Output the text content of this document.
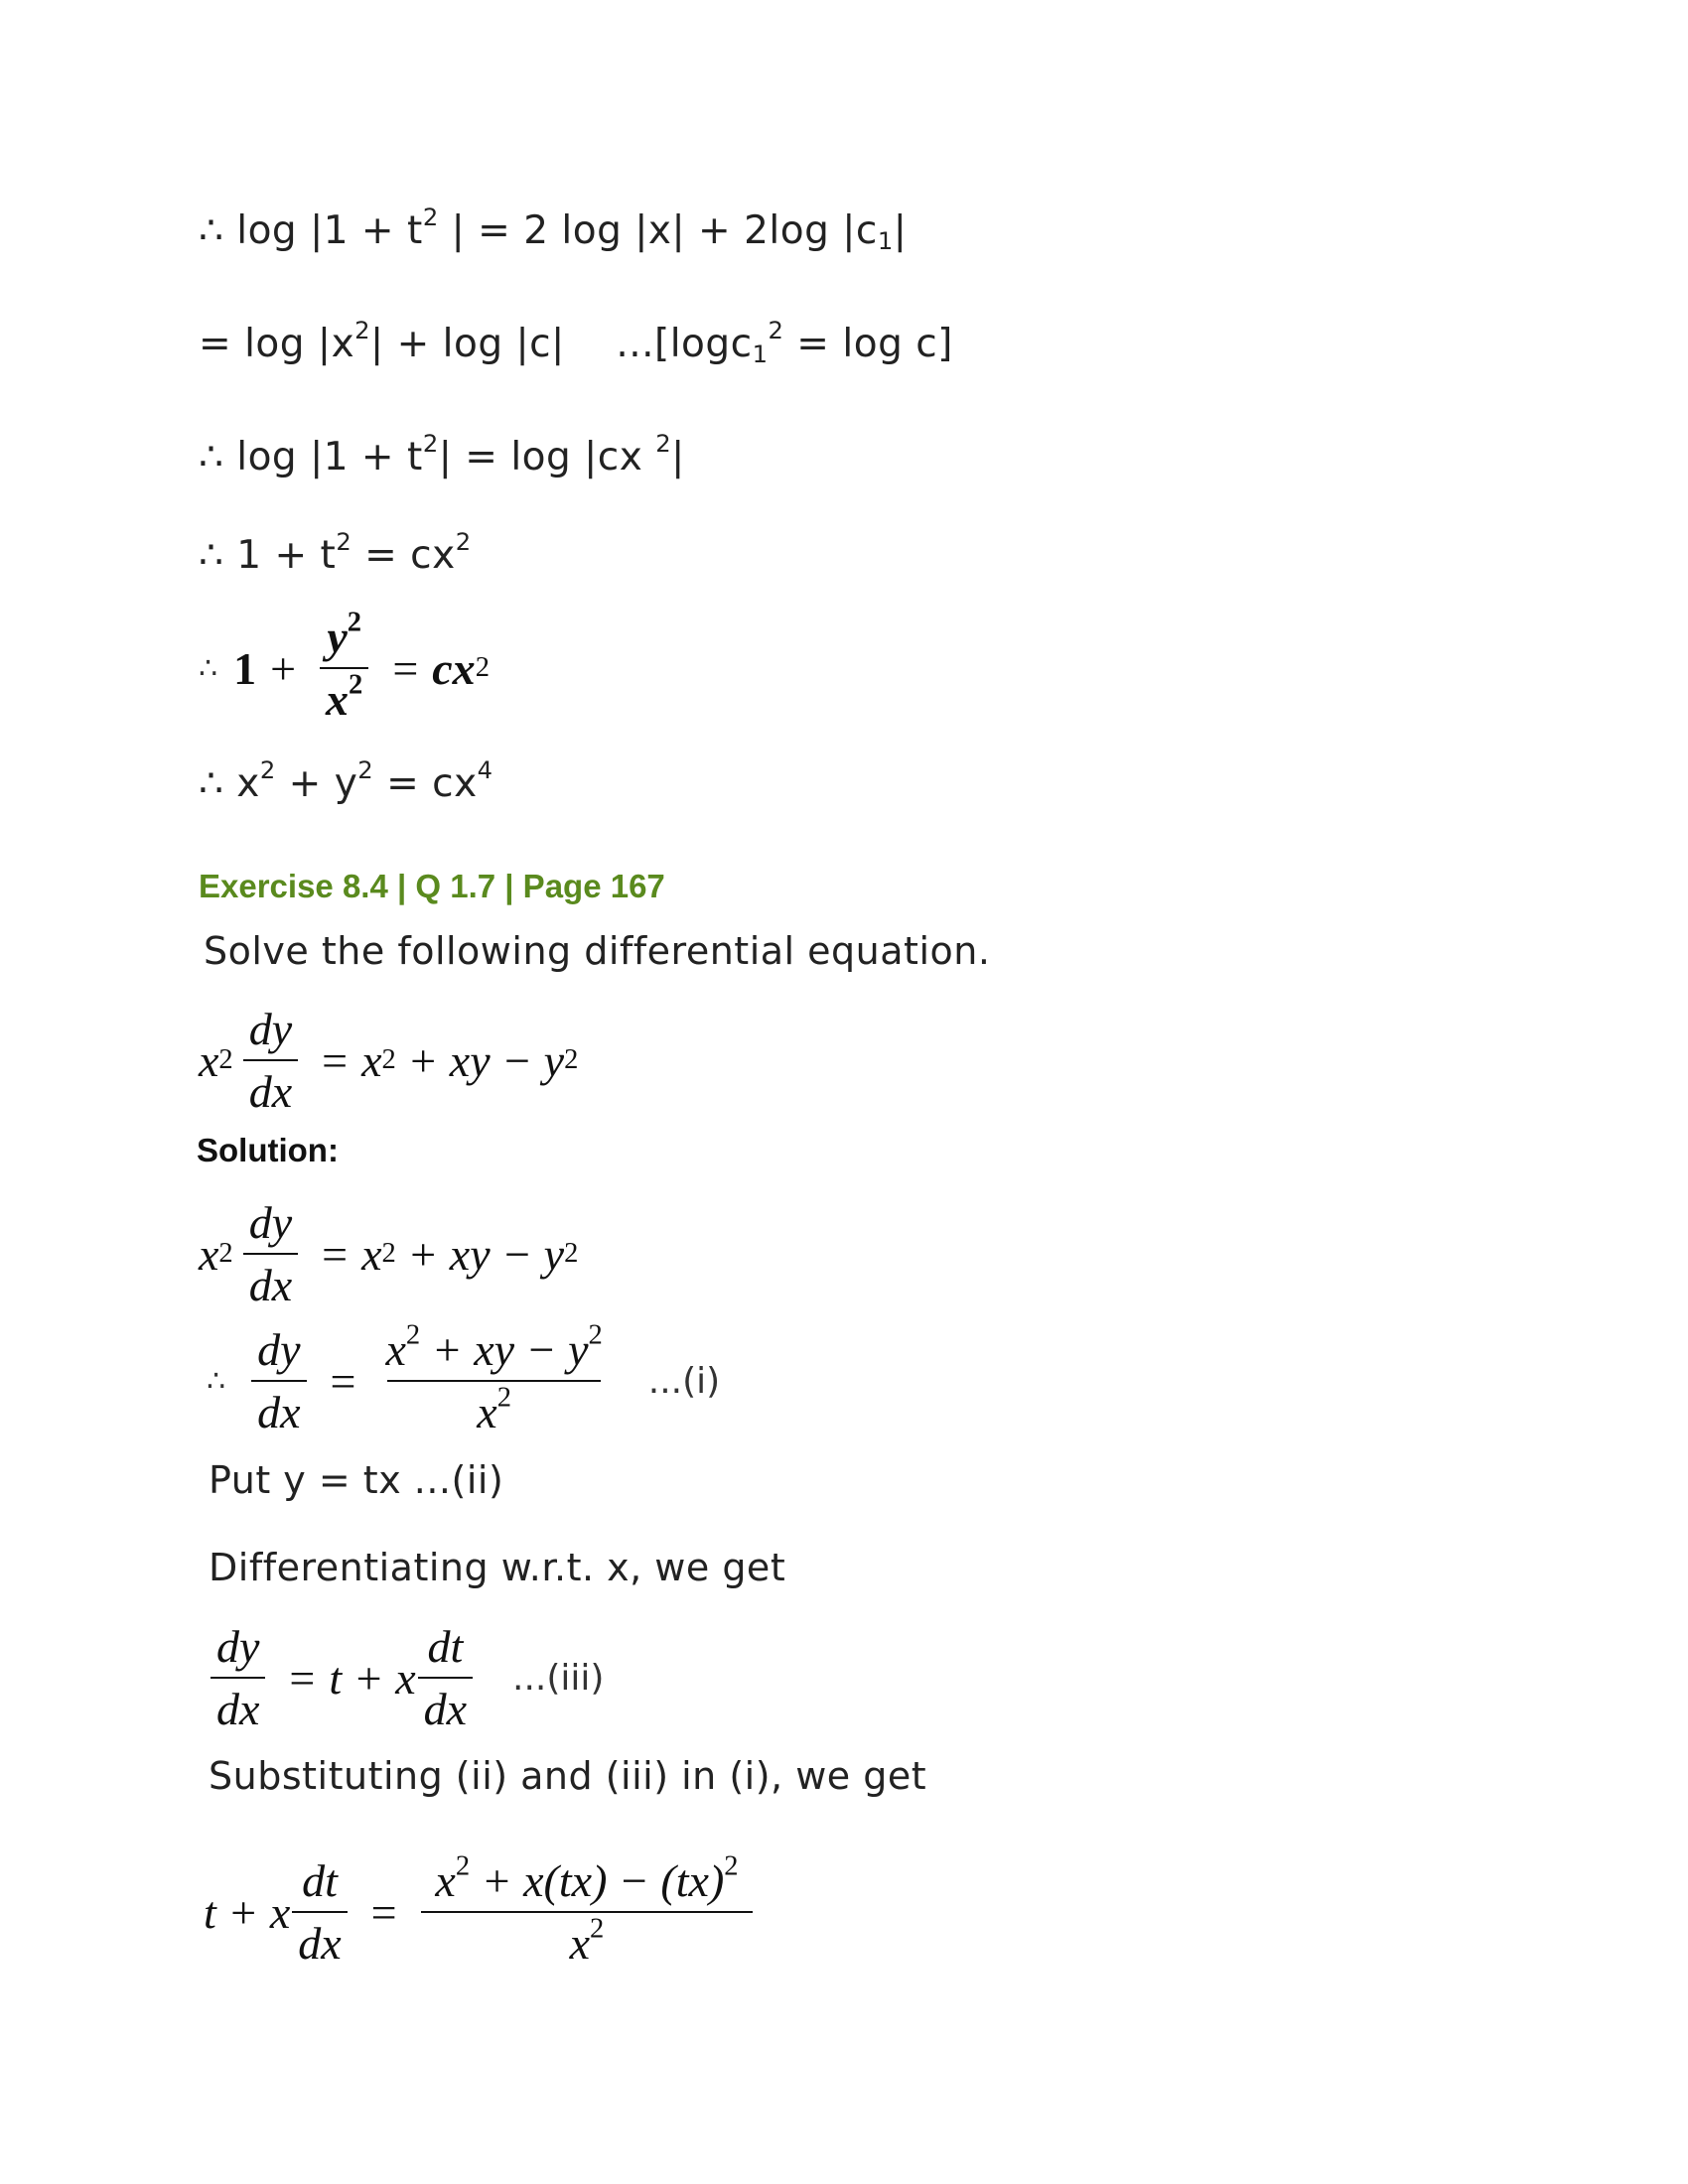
∴ $\log |1 + t^2$ | = 2 log |x| + 2log $|c_1|$
= $\log |x^2| + \log |c|$    ...[logc$_1^2$ = log c]
∴ $\log |1 + t^2| = \log |cx$ $^2$|
∴ $1 + t^2 = cx^2$
∴ $1 + \frac{y^2}{x^2}$ = cx 2
∴ $x^2 + y^2 = cx^4$
Exercise 8.4 | Q 1.7 | Page 167
Solve the following differential equation.
x $2 \frac{dy}{dx} = x$ 2 + xy − y 2
Solution:
x $2 \frac{dy}{dx} = x$ 2 + xy − y 2
∴ $\frac{dy}{dx} = \frac{x^2 + xy - y^2}{x^2} ...(i)$
Put y = tx ...(ii)
Differentiating w.r.t. x, we get
$\frac{dy}{dx} = t + x \frac{dt}{dx} ...(iii)$
Substituting (ii) and (iii) in (i), we get
t + x $\frac{dt}{dx} = \frac{x^2 + x(tx) - (tx)^2}{x^2}$
